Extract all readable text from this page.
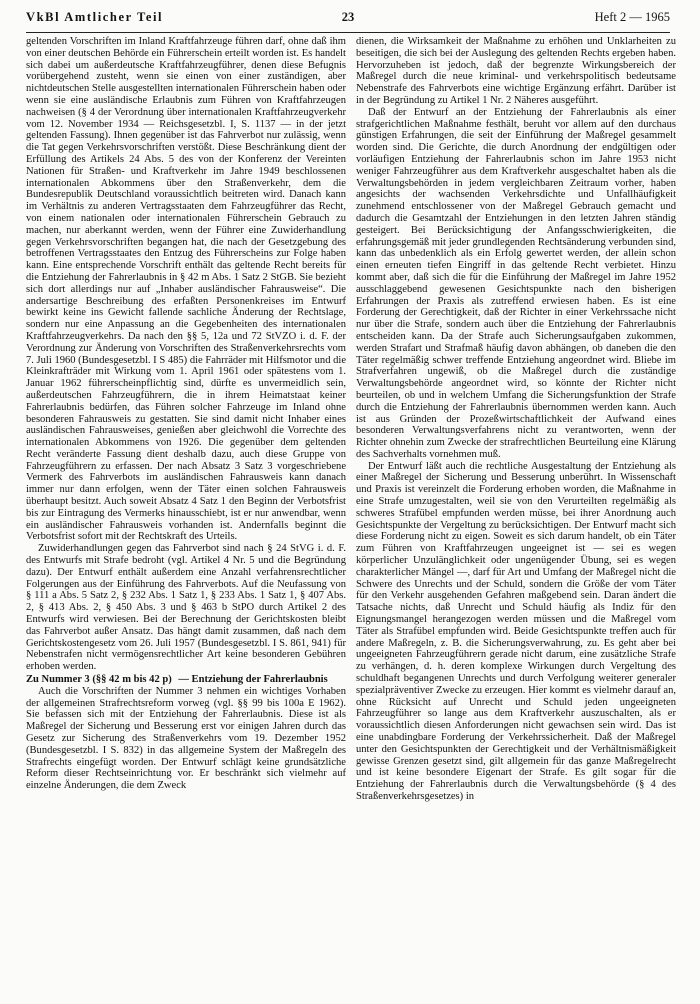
VkBl Amtlicher Teil	23	Heft 2 — 1965

geltenden Vorschriften im Inland Kraftfahrzeuge führen darf, ohne daß ihm von einer deutschen Behörde ein Führerschein erteilt worden ist. Es handelt sich dabei um außerdeutsche Kraftfahrzeugführer, denen diese Befugnis vorübergehend zusteht, wenn sie einen von einer zuständigen, aber nichtdeutschen Stelle ausgestellten internationalen Führerschein haben oder wenn sie eine ausländische Erlaubnis zum Führen von Kraftfahrzeugen nachweisen (§ 4 der Verordnung über internationalen Kraftfahrzeugverkehr vom 12. November 1934 — Reichsgesetzbl. I, S. 1137 — in der jetzt geltenden Fassung). Ihnen gegenüber ist das Fahrverbot nur zulässig, wenn die Tat gegen Verkehrsvorschriften verstößt. Diese Beschränkung dient der Erfüllung des Artikels 24 Abs. 5 des von der Konferenz der Vereinten Nationen für Straßen- und Kraftverkehr im Jahre 1949 beschlossenen internationalen Abkommens über den Straßenverkehr, dem die Bundesrepublik Deutschland voraussichtlich beitreten wird. Danach kann im Verhältnis zu anderen Vertragsstaaten dem Fahrzeugführer das Recht, von einem nationalen oder internationalen Führerschein Gebrauch zu machen, nur aberkannt werden, wenn der Führer eine Zuwiderhandlung gegen Verkehrsvorschriften begangen hat, die nach der Gesetzgebung des betroffenen Vertragsstaates den Entzug des Führerscheins zur Folge haben kann. Eine entsprechende Vorschrift enthält das geltende Recht bereits für die Entziehung der Fahrerlaubnis in § 42 m Abs. 1 Satz 2 StGB. Sie bezieht sich dort allerdings nur auf „Inhaber ausländischer Fahrausweise“. Die andersartige Beschreibung des erfaßten Personenkreises im Entwurf bewirkt keine ins Gewicht fallende sachliche Änderung der Rechtslage, sondern nur eine Anpassung an die Gegebenheiten des internationalen Kraftfahrzeugverkehrs. Da nach den §§ 5, 12a und 72 StVZO i. d. F. der Verordnung zur Änderung von Vorschriften des Straßenverkehrsrechts vom 7. Juli 1960 (Bundesgesetzbl. I S 485) die Fahrräder mit Hilfsmotor und die Kleinkrafträder mit Wirkung vom 1. April 1961 oder spätestens vom 1. Januar 1962 führerscheinpflichtig sind, dürfte es unvermeidlich sein, außerdeutschen Fahrzeugführern, die in ihrem Heimatstaat keiner Fahrerlaubnis bedürfen, das Führen solcher Fahrzeuge im Inland ohne besonderen Fahrausweis zu gestatten. Sie sind damit nicht Inhaber eines ausländischen Fahrausweises, genießen aber gleichwohl die Vorrechte des internationalen Abkommens von 1926. Die gegenüber dem geltenden Recht veränderte Fassung dient deshalb dazu, auch diese Gruppe von Fahrzeugführern zu erfassen. Der nach Absatz 3 Satz 3 vorgeschriebene Vermerk des Fahrverbots im ausländischen Fahrausweis kann danach immer nur dann erfolgen, wenn der Täter einen solchen Fahrausweis überhaupt besitzt. Auch soweit Absatz 4 Satz 1 den Beginn der Verbotsfrist bis zur Eintragung des Vermerks hinausschiebt, ist er nur anwendbar, wenn ein ausländischer Fahrausweis vorhanden ist. Andernfalls beginnt die Verbotsfrist sofort mit der Rechtskraft des Urteils.

Zuwiderhandlungen gegen das Fahrverbot sind nach § 24 StVG i. d. F. des Entwurfs mit Strafe bedroht (vgl. Artikel 4 Nr. 5 und die Begründung dazu). Der Entwurf enthält außerdem eine Anzahl verfahrensrechtlicher Folgerungen aus der Einführung des Fahrverbots. Auf die Neufassung von § 111 a Abs. 5 Satz 2, § 232 Abs. 1 Satz 1, § 233 Abs. 1 Satz 1, § 407 Abs. 2, § 413 Abs. 2, § 450 Abs. 3 und § 463 b StPO durch Artikel 2 des Entwurfs wird verwiesen. Bei der Berechnung der Gerichtskosten bleibt das Fahrverbot außer Ansatz. Das hängt damit zusammen, daß nach dem Gerichtskostengesetz vom 26. Juli 1957 (Bundesgesetzbl. I S. 861, 941) für Nebenstrafen nicht vermögensrechtlicher Art keine besonderen Gebühren erhoben werden.

Zu Nummer 3 (§§ 42 m bis 42 p) — Entziehung der Fahrerlaubnis

Auch die Vorschriften der Nummer 3 nehmen ein wichtiges Vorhaben der allgemeinen Strafrechtsreform vorweg (vgl. §§ 99 bis 100a E 1962). Sie befassen sich mit der Entziehung der Fahrerlaubnis. Diese ist als Maßregel der Sicherung und Besserung erst vor einigen Jahren durch das Gesetz zur Sicherung des Straßenverkehrs vom 19. Dezember 1952 (Bundesgesetzbl. I S. 832) in das allgemeine System der Maßregeln des Strafrechts eingefügt worden. Der Entwurf schlägt keine grundsätzliche Reform dieser Rechtseinrichtung vor. Er beschränkt sich vielmehr auf einzelne Änderungen, die dem Zweck

dienen, die Wirksamkeit der Maßnahme zu erhöhen und Unklarheiten zu beseitigen, die sich bei der Auslegung des geltenden Rechts ergeben haben. Hervorzuheben ist jedoch, daß der begrenzte Wirkungsbereich der Maßregel durch die neue kriminal- und verkehrspolitisch bedeutsame Nebenstrafe des Fahrverbots eine wichtige Ergänzung erfährt. Darüber ist in der Begründung zu Artikel 1 Nr. 2 Näheres ausgeführt.

Daß der Entwurf an der Entziehung der Fahrerlaubnis als einer strafgerichtlichen Maßnahme festhält, beruht vor allem auf den durchaus günstigen Erfahrungen, die seit der Einführung der Maßregel gesammelt worden sind. Die Gerichte, die durch Anordnung der endgültigen oder vorläufigen Entziehung der Fahrerlaubnis schon im Jahre 1953 nicht weniger Fahrzeugführer aus dem Kraftverkehr ausgeschaltet haben als die Verwaltungsbehörden in jedem vergleichbaren Zeitraum vorher, haben angesichts der wachsenden Verkehrsdichte und Unfallhäufigkeit zunehmend entschlossener von der Maßregel Gebrauch gemacht und dadurch die Gesamtzahl der Entziehungen in den letzten Jahren ständig gesteigert. Bei Berücksichtigung der Anfangsschwierigkeiten, die erfahrungsgemäß mit jeder grundlegenden Rechtsänderung verbunden sind, kann das unbedenklich als ein Erfolg gewertet werden, der allein schon einen erneuten tiefen Eingriff in das geltende Recht verbietet. Hinzu kommt aber, daß sich die für die Einführung der Maßregel im Jahre 1952 ausschlaggebend gewesenen Gesichtspunkte nach den bisherigen Erfahrungen der Praxis als zutreffend erwiesen haben. Es ist eine Forderung der Gerechtigkeit, daß der Richter in einer Verkehrssache nicht nur über die Strafe, sondern auch über die Entziehung der Fahrerlaubnis entscheiden kann. Da der Strafe auch Sicherungsaufgaben zukommen, werden Strafart und Strafmaß häufig davon abhängen, ob daneben die den Täter regelmäßig schwer treffende Entziehung angeordnet wird. Bliebe im Strafverfahren ungewiß, ob die Maßregel durch die zuständige Verwaltungsbehörde angeordnet wird, so könnte der Richter nicht beurteilen, ob und in welchem Umfang die Sicherungsfunktion der Strafe durch die Entziehung der Fahrerlaubnis übernommen werden kann. Auch ist aus Gründen der Prozeßwirtschaftlichkeit der Aufwand eines besonderen Verwaltungsverfahrens nicht zu verantworten, wenn der Richter ohnehin zum Zwecke der strafrechtlichen Beurteilung eine Klärung des Sachverhalts vornehmen muß.

Der Entwurf läßt auch die rechtliche Ausgestaltung der Entziehung als einer Maßregel der Sicherung und Besserung unberührt. In Wissenschaft und Praxis ist vereinzelt die Forderung erhoben worden, die Maßnahme in eine Strafe umzugestalten, weil sie von den Verurteilten regelmäßig als schweres Strafübel empfunden werden müsse, bei ihrer Anordnung auch Gesichtspunkte der Vergeltung zu berücksichtigen. Der Entwurf macht sich diese Forderung nicht zu eigen. Soweit es sich darum handelt, ob ein Täter zum Führen von Kraftfahrzeugen ungeeignet ist — sei es wegen körperlicher Unzulänglichkeit oder ungenügender Übung, sei es wegen charakterlicher Mängel —, darf für Art und Umfang der Maßregel nicht die Schwere des Unrechts und der Schuld, sondern die Größe der vom Täter für den Verkehr ausgehenden Gefahren maßgebend sein. Daran ändert die Tatsache nichts, daß Unrecht und Schuld häufig als Indiz für den Eignungsmangel herangezogen werden müssen und die Maßregel vom Täter als Strafübel empfunden wird. Beide Gesichtspunkte treffen auch für andere Maßregeln, z. B. die Sicherungsverwahrung, zu. Es geht aber bei ungeeigneten Fahrzeugführern gerade nicht darum, eine zusätzliche Strafe zu verhängen, d. h. deren komplexe Wirkungen durch Vergeltung des schuldhaft begangenen Unrechts und durch Verfolgung weiterer generaler spezialpräventiver Zwecke zu erzeugen. Hier kommt es vielmehr darauf an, ohne Rücksicht auf Unrecht und Schuld jeden ungeeigneten Fahrzeugführer so lange aus dem Kraftverkehr auszuschalten, als er voraussichtlich diesen Anforderungen nicht gewachsen sein wird. Das ist eine unabdingbare Forderung der Verkehrssicherheit. Daß der Maßregel unter den Gesichtspunkten der Gerechtigkeit und der Verhältnismäßigkeit gewisse Grenzen gesetzt sind, gilt allgemein für das ganze Maßregelrecht und ist keine besondere Eigenart der Strafe. Es gilt sogar für die Entziehung der Fahrerlaubnis durch die Verwaltungsbehörde (§ 4 des Straßenverkehrsgesetzes) in
